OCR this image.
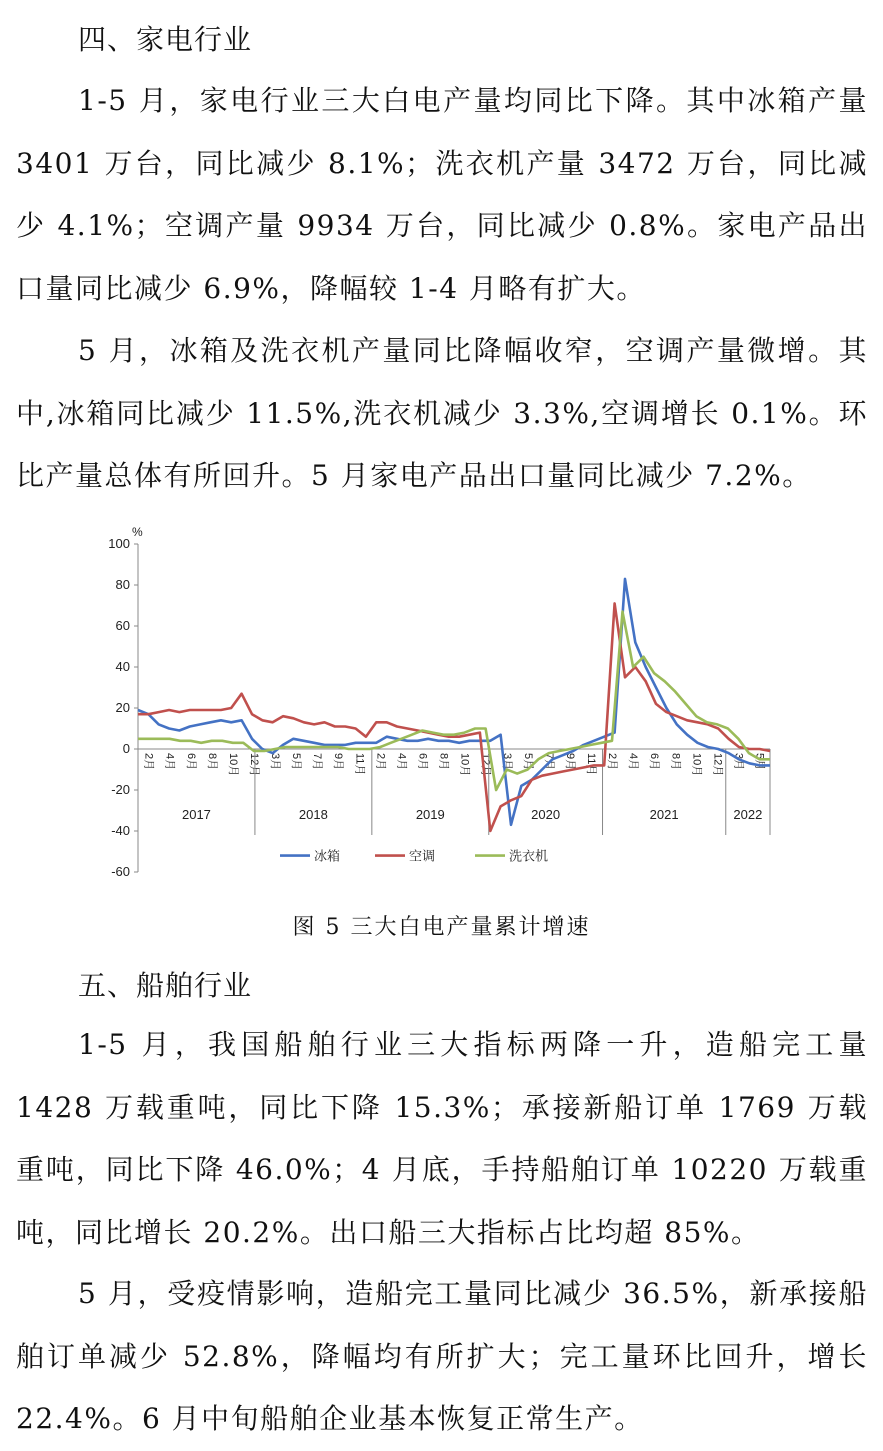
四、家电行业

1-5 月，家电行业三大白电产量均同比下降。其中冰箱产量 3401 万台，同比减少 8.1%；洗衣机产量 3472 万台，同比减少 4.1%；空调产量 9934 万台，同比减少 0.8%。家电产品出口量同比减少 6.9%，降幅较 1-4 月略有扩大。

5 月，冰箱及洗衣机产量同比降幅收窄，空调产量微增。其中,冰箱同比减少 11.5%,洗衣机减少 3.3%,空调增长 0.1%。环比产量总体有所回升。5 月家电产品出口量同比减少 7.2%。

100
80
60
40
20
0
-20
-40
-60
%
2月 4月 6月 8月 10月 12月 3月 5月 7月 9月 11月 2月 4月 6月 8月 10月 12月 3月 5月 7月 9月 11月 2月 4月 6月 8月 10月 12月 3月 5月
2017	2018	2019	2020	2021	2022
冰箱	空调	洗衣机
图 5 三大白电产量累计增速
五、船舶行业

1-5 月，我国船舶行业三大指标两降一升，造船完工量 1428 万载重吨，同比下降 15.3%；承接新船订单 1769 万载重吨，同比下降 46.0%；4 月底，手持船舶订单 10220 万载重吨，同比增长 20.2%。出口船三大指标占比均超 85%。

5 月，受疫情影响，造船完工量同比减少 36.5%，新承接船舶订单减少 52.8%，降幅均有所扩大；完工量环比回升，增长 22.4%。6 月中旬船舶企业基本恢复正常生产。
